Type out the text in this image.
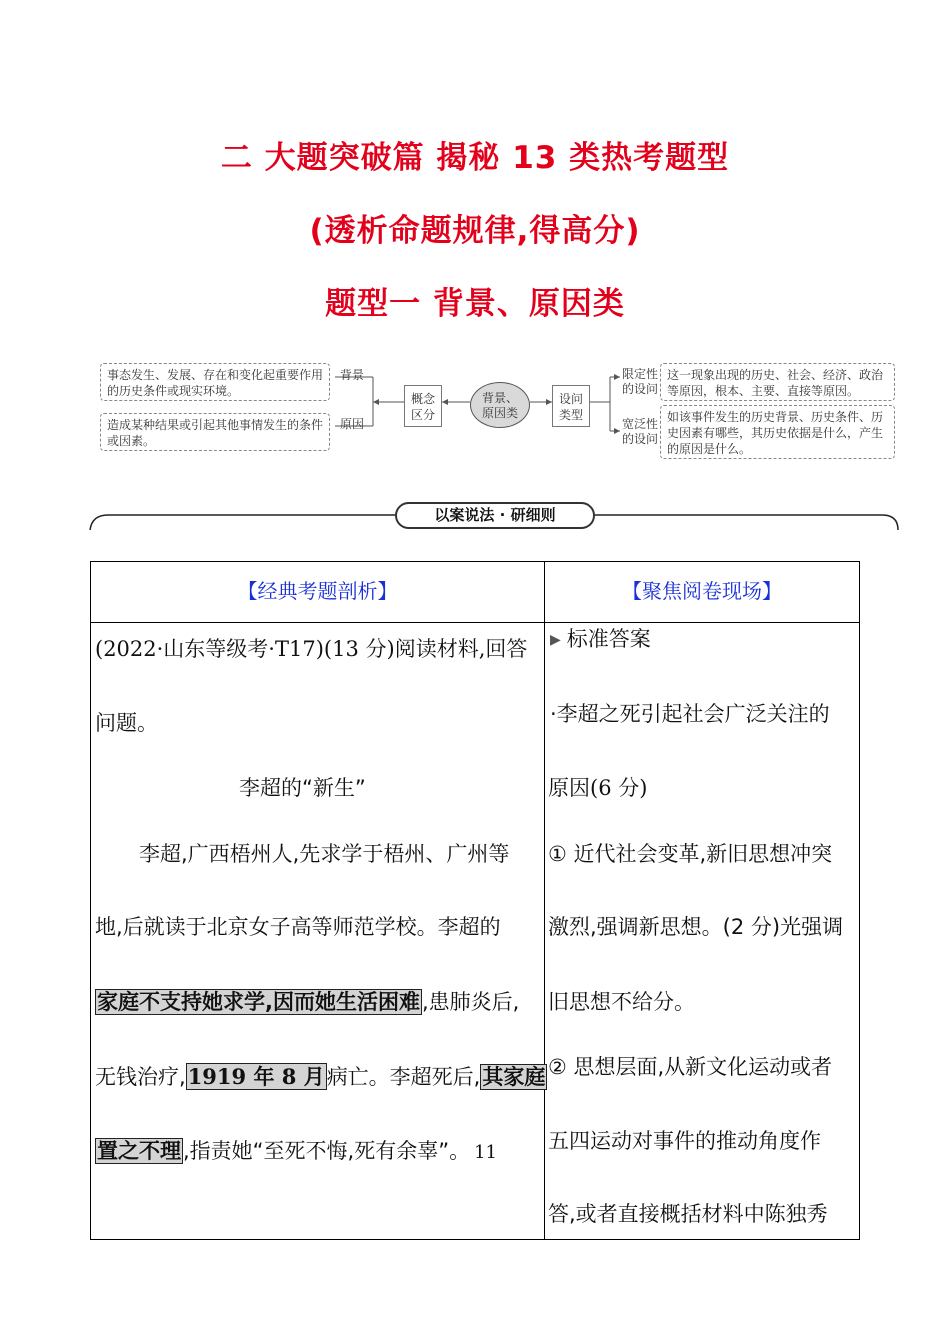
二 大题突破篇 揭秘 13 类热考题型
(透析命题规律,得高分)
题型一 背景、原因类
事态发生、发展、存在和变化起重要作用
的历史条件或现实环境。
造成某种结果或引起其他事情发生的条件
或因素。
背景
原因
概念
区分
背景、
原因类
设问
类型
限定性
的设问
宽泛性
的设问
这一现象出现的历史、社会、经济、政治
等原因，根本、主要、直接等原因。
如该事件发生的历史背景、历史条件、历
史因素有哪些，其历史依据是什么，产生
的原因是什么。
以案说法 · 研细则
【经典考题剖析】	【聚焦阅卷现场】
(2022·山东等级考·T17)(13 分)阅读材料,回答
问题。
李超的“新生”
李超,广西梧州人,先求学于梧州、广州等
地,后就读于北京女子高等师范学校。李超的
家庭不支持她求学,因而她生活困难,患肺炎后,
无钱治疗,1919 年 8 月病亡。李超死后,其家庭
置之不理,指责她“至死不悔,死有余辜”。 11
▶ 标准答案
·李超之死引起社会广泛关注的
原因(6 分)
① 近代社会变革,新旧思想冲突
激烈,强调新思想。(2 分)光强调
旧思想不给分。
② 思想层面,从新文化运动或者
五四运动对事件的推动角度作
答,或者直接概括材料中陈独秀
